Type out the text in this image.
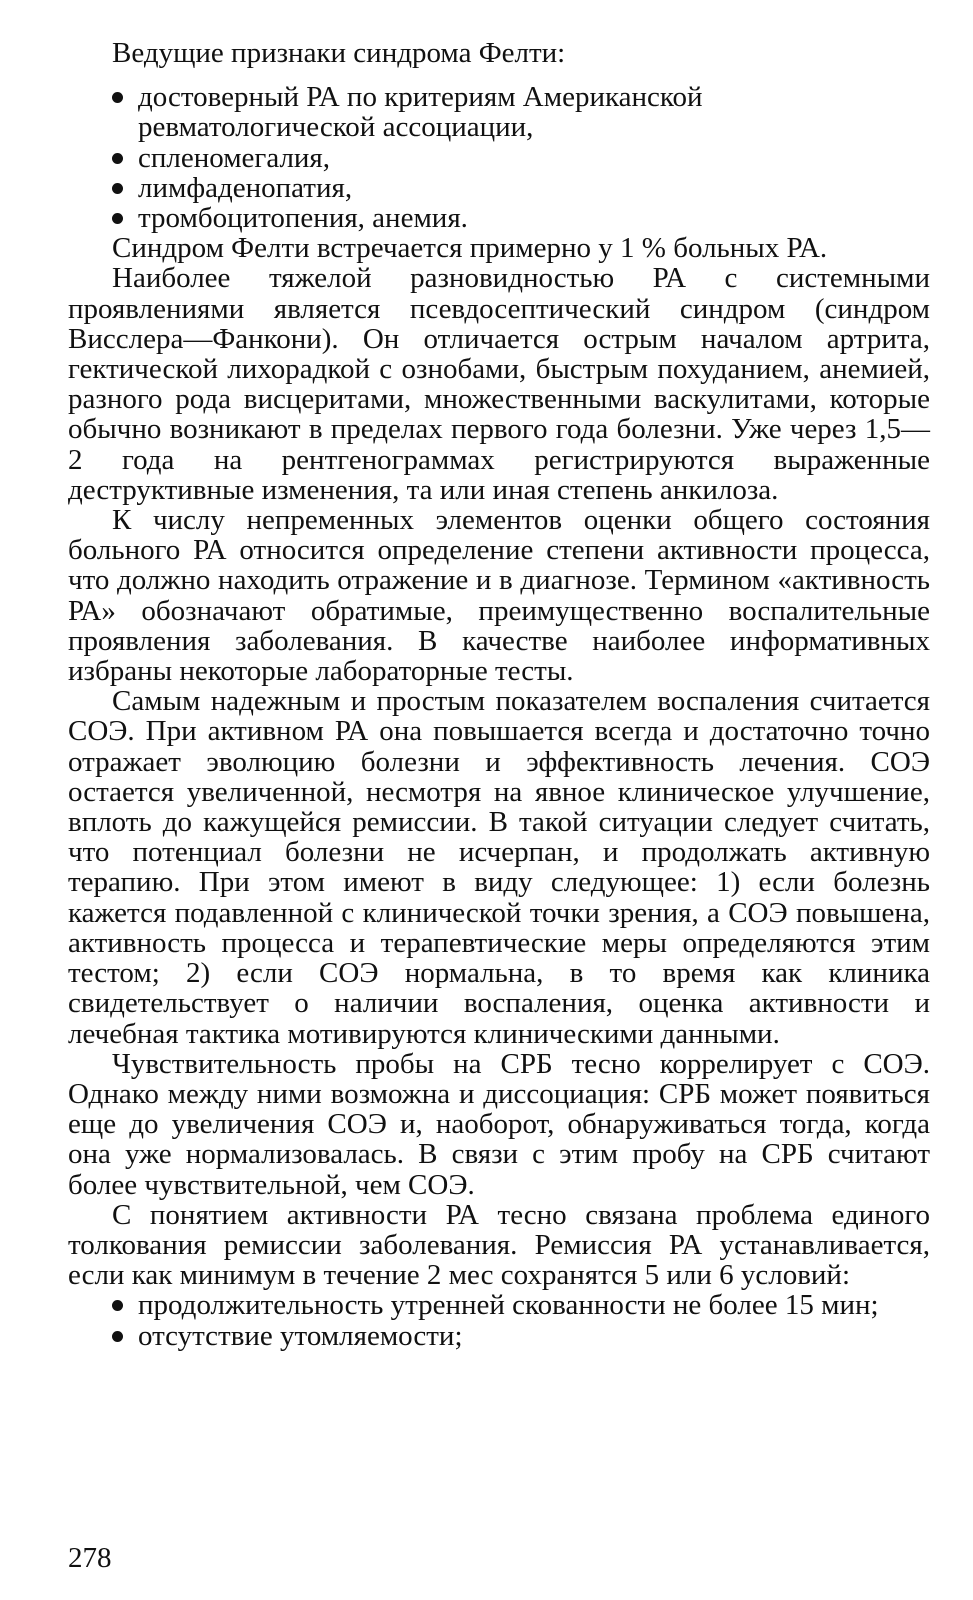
Ведущие признаки синдрома Фелти:

достоверный РА по критериям Американской ревматологической ассоциации,
спленомегалия,
лимфаденопатия,
тромбоцитопения, анемия.

Синдром Фелти встречается примерно у 1 % больных РА.

Наиболее тяжелой разновидностью РА с системными проявлениями является псевдосептический синдром (синдром Висслера—Фанкони). Он отличается острым началом артрита, гектической лихорадкой с ознобами, быстрым похуданием, анемией, разного рода висцеритами, множественными васкулитами, которые обычно возникают в пределах первого года болезни. Уже через 1,5—2 года на рентгенограммах регистрируются выраженные деструктивные изменения, та или иная степень анкилоза.

К числу непременных элементов оценки общего состояния больного РА относится определение степени активности процесса, что должно находить отражение и в диагнозе. Термином «активность РА» обозначают обратимые, преимущественно воспалительные проявления заболевания. В качестве наиболее информативных избраны некоторые лабораторные тесты.

Самым надежным и простым показателем воспаления считается СОЭ. При активном РА она повышается всегда и достаточно точно отражает эволюцию болезни и эффективность лечения. СОЭ остается увеличенной, несмотря на явное клиническое улучшение, вплоть до кажущейся ремиссии. В такой ситуации следует считать, что потенциал болезни не исчерпан, и продолжать активную терапию. При этом имеют в виду следующее: 1) если болезнь кажется подавленной с клинической точки зрения, а СОЭ повышена, активность процесса и терапевтические меры определяются этим тестом; 2) если СОЭ нормальна, в то время как клиника свидетельствует о наличии воспаления, оценка активности и лечебная тактика мотивируются клиническими данными.

Чувствительность пробы на СРБ тесно коррелирует с СОЭ. Однако между ними возможна и диссоциация: СРБ может появиться еще до увеличения СОЭ и, наоборот, обнаруживаться тогда, когда она уже нормализовалась. В связи с этим пробу на СРБ считают более чувствительной, чем СОЭ.

С понятием активности РА тесно связана проблема единого толкования ремиссии заболевания. Ремиссия РА устанавливается, если как минимум в течение 2 мес сохранятся 5 или 6 условий:

продолжительность утренней скованности не более 15 мин;
отсутствие утомляемости;
278
